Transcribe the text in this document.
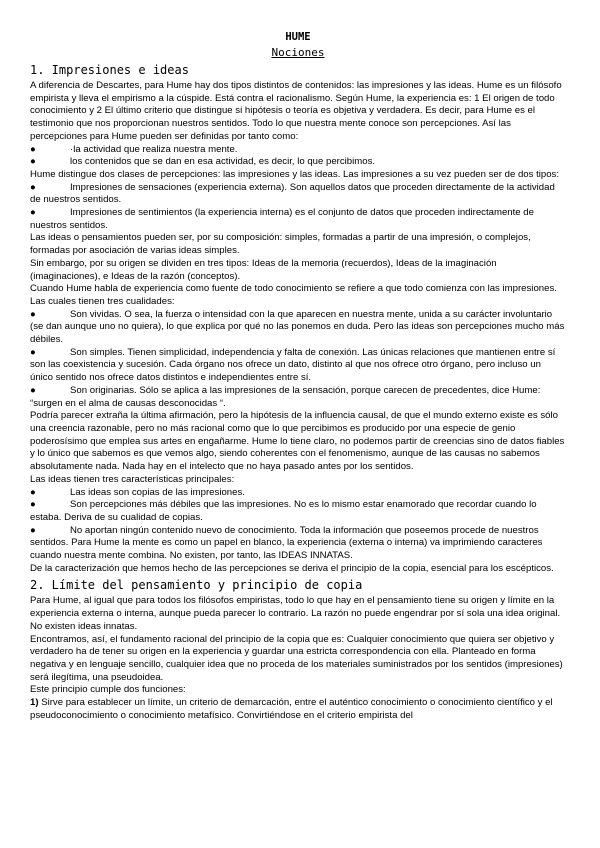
HUME

Nociones

1. Impresiones e ideas

A diferencia de Descartes, para Hume hay dos tipos distintos de contenidos: las impresiones y las ideas. Hume es un filósofo empirista y lleva el empirismo a la cúspide. Está contra el racionalismo. Según Hume, la experiencia es: 1 El origen de todo conocimiento y 2 El último criterio que distingue si hipótesis o teoría es objetiva y verdadera. Es decir, para Hume es el testimonio que nos proporcionan nuestros sentidos. Todo lo que nuestra mente conoce son percepciones. Así las percepciones para Hume pueden ser definidas por tanto como:

●	·la actividad que realiza nuestra mente.

●	los contenidos que se dan en esa actividad, es decir, lo que percibimos.

Hume distingue dos clases de percepciones: las impresiones y las ideas. Las impresiones a su vez pueden ser de dos tipos:

●	Impresiones de sensaciones (experiencia externa). Son aquellos datos que proceden directamente de la actividad de nuestros sentidos.

●	Impresiones de sentimientos (la experiencia interna) es el conjunto de datos que proceden indirectamente de nuestros sentidos.

Las ideas o pensamientos pueden ser, por su composición: simples, formadas a partir de una impresión, o complejos, formadas por asociación de varias ideas simples.

Sin embargo, por su origen se dividen en tres tipos: Ideas de la memoria (recuerdos), Ideas de la imaginación (imaginaciones), e Ideas de la razón (conceptos).

Cuando Hume habla de experiencia como fuente de todo conocimiento se refiere a que todo comienza con las impresiones. Las cuales tienen tres cualidades:

●	Son vividas. O sea, la fuerza o intensidad con la que aparecen en nuestra mente, unida a su carácter involuntario (se dan aunque uno no quiera), lo que explica por qué no las ponemos en duda. Pero las ideas son percepciones mucho más débiles.

●	Son simples. Tienen simplicidad, independencia y falta de conexión. Las únicas relaciones que mantienen entre sí son las coexistencia y sucesión. Cada órgano nos ofrece un dato, distinto al que nos ofrece otro órgano, pero incluso un único sentido nos ofrece datos distintos e independientes entre sí.

●	Son originarias. Sólo se aplica a las impresiones de la sensación, porque carecen de precedentes, dice Hume: “surgen en el alma de causas desconocidas “.

Podría parecer extraña la última afirmación, pero la hipótesis de la influencia causal, de que el mundo externo existe es sólo una creencia razonable, pero no más racional como que lo que percibimos es producido por una especie de genio poderosísimo que emplea sus artes en engañarme. Hume lo tiene claro, no podemos partir de creencias sino de datos fiables y lo único que sabemos es que vemos algo, siendo coherentes con el fenomenismo, aunque de las causas no sabemos absolutamente nada. Nada hay en el intelecto que no haya pasado antes por los sentidos.

Las ideas tienen tres características principales:

●	Las ideas son copias de las impresiones.

●	Son percepciones más débiles que las impresiones. No es lo mismo estar enamorado que recordar cuando lo estaba. Deriva de su cualidad de copias.

●	No aportan ningún contenido nuevo de conocimiento. Toda la información que poseemos procede de nuestros sentidos. Para Hume la mente es como un papel en blanco, la experiencia (externa o interna) va imprimiendo caracteres cuando nuestra mente combina. No existen, por tanto, las IDEAS INNATAS.

De la caracterización que hemos hecho de las percepciones se deriva el principio de la copia, esencial para los escépticos.

2. Límite del pensamiento y principio de copia

Para Hume, al igual que para todos los filósofos empiristas, todo lo que hay en el pensamiento tiene su origen y límite en la experiencia externa o interna, aunque pueda parecer lo contrario. La razón no puede engendrar por sí sola una idea original. No existen ideas innatas.

Encontramos, así, el fundamento racional del principio de la copia que es: Cualquier conocimiento que quiera ser objetivo y verdadero ha de tener su origen en la experiencia y guardar una estricta correspondencia con ella. Planteado en forma negativa y en lenguaje sencillo, cualquier idea que no proceda de los materiales suministrados por los sentidos (impresiones) será ilegítima, una pseudoidea.

Este principio cumple dos funciones:

1) Sirve para establecer un límite, un criterio de demarcación, entre el auténtico conocimiento o conocimiento científico y el pseudoconocimiento o conocimiento metafísico. Convirtiéndose en el criterio empirista del
